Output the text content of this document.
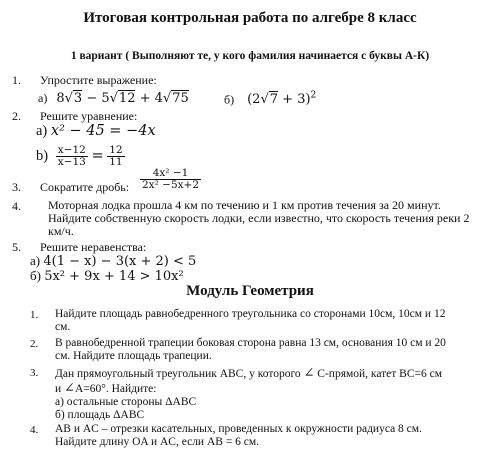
Итоговая контрольная работа по алгебре 8 класс
1 вариант ( Выполняют те, у кого фамилия начинается с буквы А-К)
1. Упростите выражение:
а) 8√3 − 5√12 + 4√75	б) $(2√7 + 3)^2$
2. Решите уравнение:
а) x² − 45 = −4x
$b) \frac{x-12}{x-13} = \frac{12}{11}$
3. Сократите дробь: $\frac{\text{4x² −1}}{\text{2x² −5x+2}}$
4. Моторная лодка прошла 4 км по течению и 1 км против течения за 20 минут.
Найдите собственную скорость лодки, если известно, что скорость течения реки 2
км/ч.
5. Решите неравенства:
а) 4(1 − x) − 3(x + 2) < 5
б) 5x² + 9x + 14 > 10x²
Модуль Геометрия
1. Найдите площадь равнобедренного треугольника со сторонами 10см, 10см и 12
см.
2. В равнобедренной трапеции боковая сторона равна 13 см, основания 10 см и 20
см. Найдите площадь трапеции.
3. Дан прямоугольный треугольник АВС, у которого ∠ С-прямой, катет ВС=6 см
и ∠А=60°. Найдите:
а) остальные стороны ΔАВС
б) площадь ΔАВС
4. AB и AC – отрезки касательных, проведенных к окружности радиуса 8 см.
Найдите длину OA и AC, если AB = 6 см.
